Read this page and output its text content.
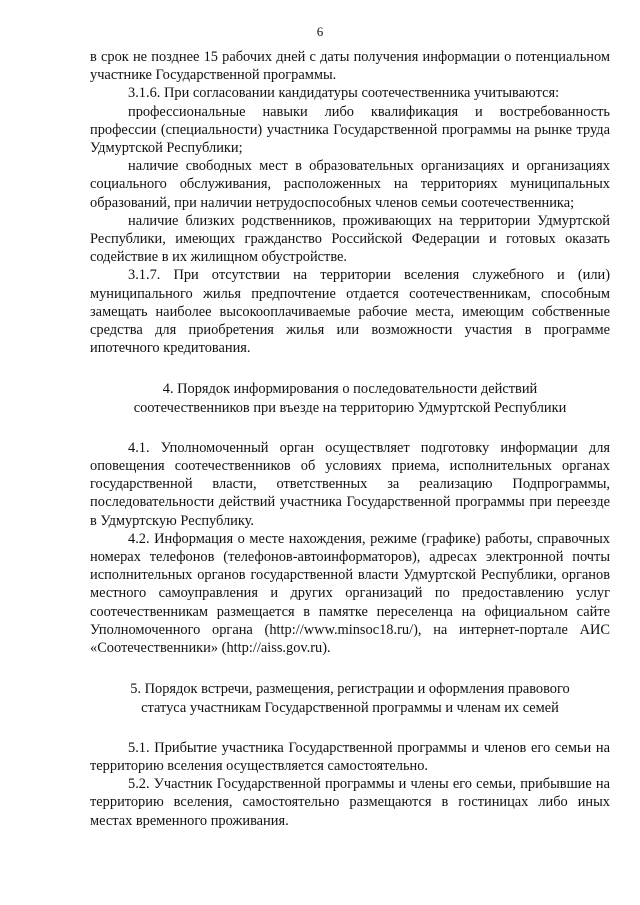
6

в срок не позднее 15 рабочих дней с даты получения информации о потенциальном участнике Государственной программы.

3.1.6. При согласовании кандидатуры соотечественника учитываются:

профессиональные навыки либо квалификация и востребованность профессии (специальности) участника Государственной программы на рынке труда Удмуртской Республики;

наличие свободных мест в образовательных организациях и организациях социального обслуживания, расположенных на территориях муниципальных образований, при наличии нетрудоспособных членов семьи соотечественника;

наличие близких родственников, проживающих на территории Удмуртской Республики, имеющих гражданство Российской Федерации и готовых оказать содействие в их жилищном обустройстве.

3.1.7. При отсутствии на территории вселения служебного и (или) муниципального жилья предпочтение отдается соотечественникам, способным замещать наиболее высокооплачиваемые рабочие места, имеющим собственные средства для приобретения жилья или возможности участия в программе ипотечного кредитования.

4. Порядок информирования о последовательности действий

соотечественников при въезде на территорию Удмуртской Республики

4.1. Уполномоченный орган осуществляет подготовку информации для оповещения соотечественников об условиях приема, исполнительных органах государственной власти, ответственных за реализацию Подпрограммы, последовательности действий участника Государственной программы при переезде в Удмуртскую Республику.

4.2. Информация о месте нахождения, режиме (графике) работы, справочных номерах телефонов (телефонов-автоинформаторов), адресах электронной почты исполнительных органов государственной власти Удмуртской Республики, органов местного самоуправления и других организаций по предоставлению услуг соотечественникам размещается в памятке переселенца на официальном сайте Уполномоченного органа (http://www.minsoc18.ru/), на интернет-портале АИС «Соотечественники» (http://aiss.gov.ru).

5. Порядок встречи, размещения, регистрации и оформления правового

статуса участникам Государственной программы и членам их семей

5.1. Прибытие участника Государственной программы и членов его семьи на территорию вселения осуществляется самостоятельно.

5.2. Участник Государственной программы и члены его семьи, прибывшие на территорию вселения, самостоятельно размещаются в гостиницах либо иных местах временного проживания.
